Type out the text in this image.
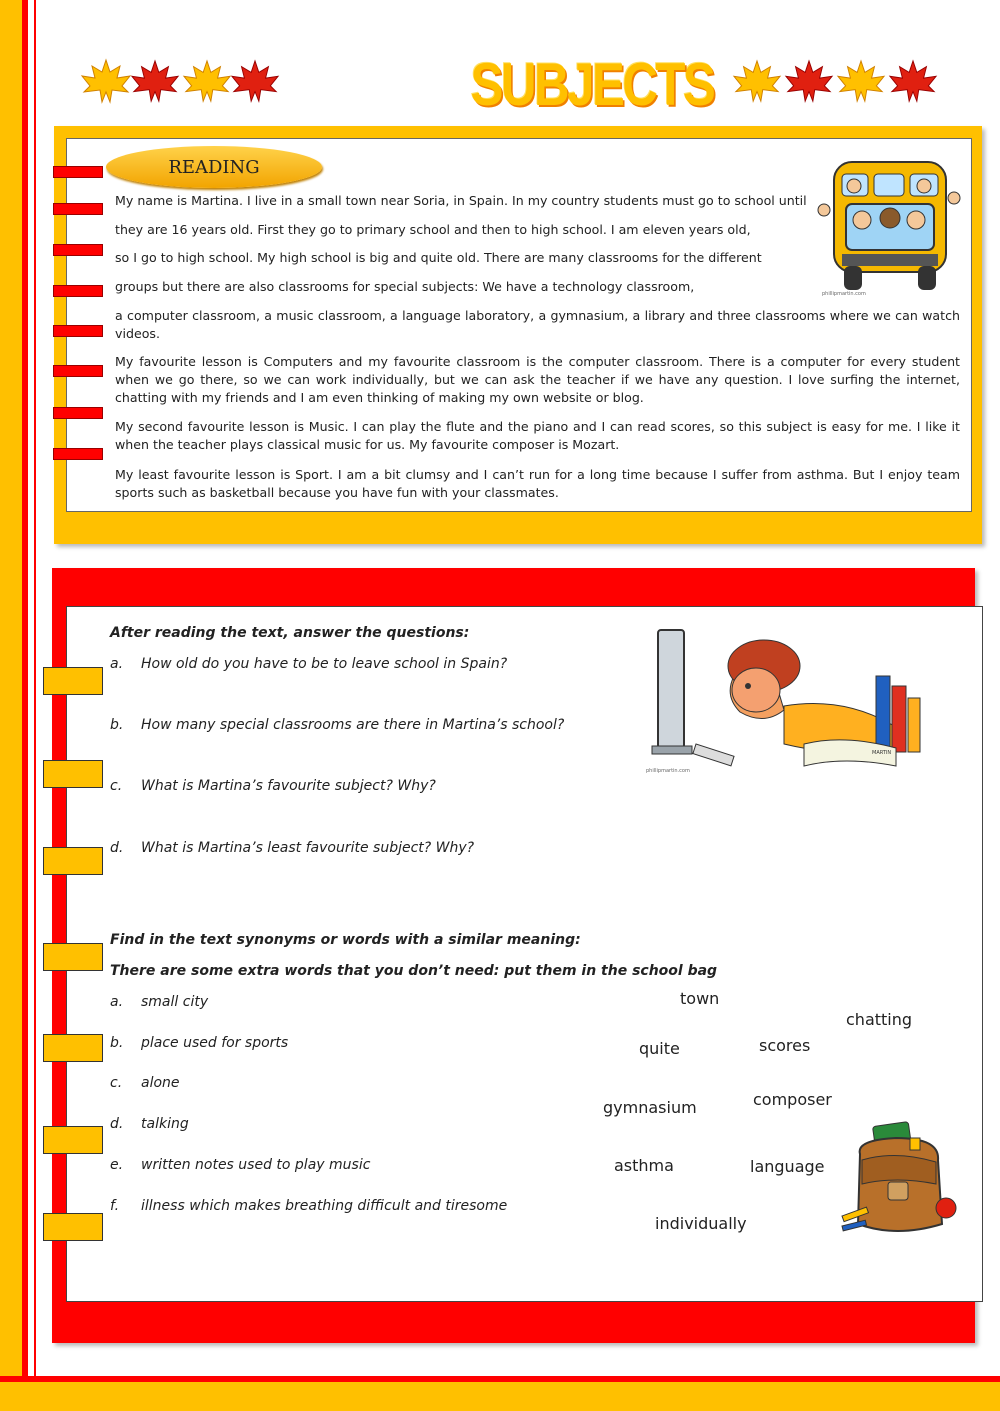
SUBJECTS
READING
My name is Martina. I live in a small town near Soria, in Spain. In my country students must go to school until
they are 16 years old. First they go to primary school and then to high school. I am eleven years old,
so I go to high school. My high school is big and quite old. There are many classrooms for the different
groups but there are also classrooms for special subjects: We have a technology classroom,
a computer classroom, a music classroom, a language laboratory, a gymnasium, a library and three classrooms where we can watch videos.
My favourite lesson is Computers and my favourite classroom is the computer classroom. There is a computer for every student when we go there, so we can work individually, but we can ask the teacher if we have any question. I love surfing the internet, chatting with my friends and I am even thinking of making my own website or blog.
My second favourite lesson is Music. I can play the flute and the piano and I can read scores, so this subject is easy for me. I like it when the teacher plays classical music for us. My favourite composer is Mozart.
My least favourite lesson is Sport. I am a bit clumsy and I can’t run for a long time because I suffer from asthma. But I enjoy team sports such as basketball because you have fun with your classmates.
phillipmartin.com
After reading the text, answer the questions:
a. How old do you have to be to leave school in Spain?
b. How many special classrooms are there in Martina’s school?
c. What is Martina’s favourite subject? Why?
d. What is Martina’s least favourite subject? Why?
MARTIN
phillipmartin.com
Find in the text synonyms or words with a similar meaning:
There are some extra words that you don’t need: put them in the school bag
a. small city
b. place used for sports
c. alone
d. talking
e. written notes used to play music
f. illness which makes breathing difficult and tiresome
town
chatting
quite	scores
gymnasium	composer
asthma	language
individually
